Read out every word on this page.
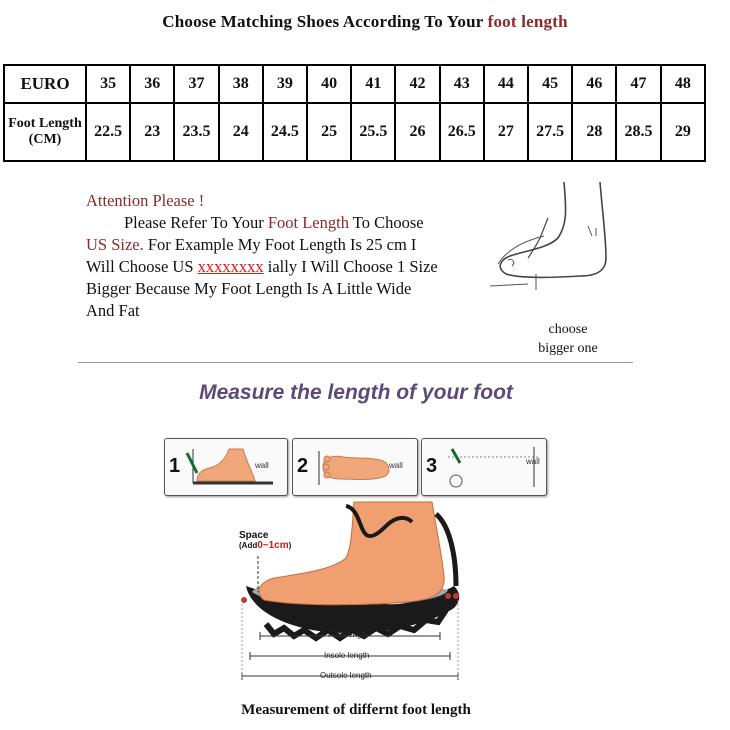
Choose Matching Shoes According To Your foot length
EURO	35	36	37	38	39	40	41	42	43	44	45	46	47	48
Foot Length (CM)	22.5	23	23.5	24	24.5	25	25.5	26	26.5	27	27.5	28	28.5	29
Attention Please !
Please Refer To Your Foot Length To Choose
US Size. For Example My Foot Length Is 25 cm I
Will Choose US xxxxxxxx ially I Will Choose 1 Size
Bigger Because My Foot Length Is A Little Wide
And Fat
choose
bigger one
Measure the length of your foot
1	wall 2	wall 3	wall
Space
(Add0~1cm)
Foot length
Insole length
Outsole length
Measurement of differnt foot length
